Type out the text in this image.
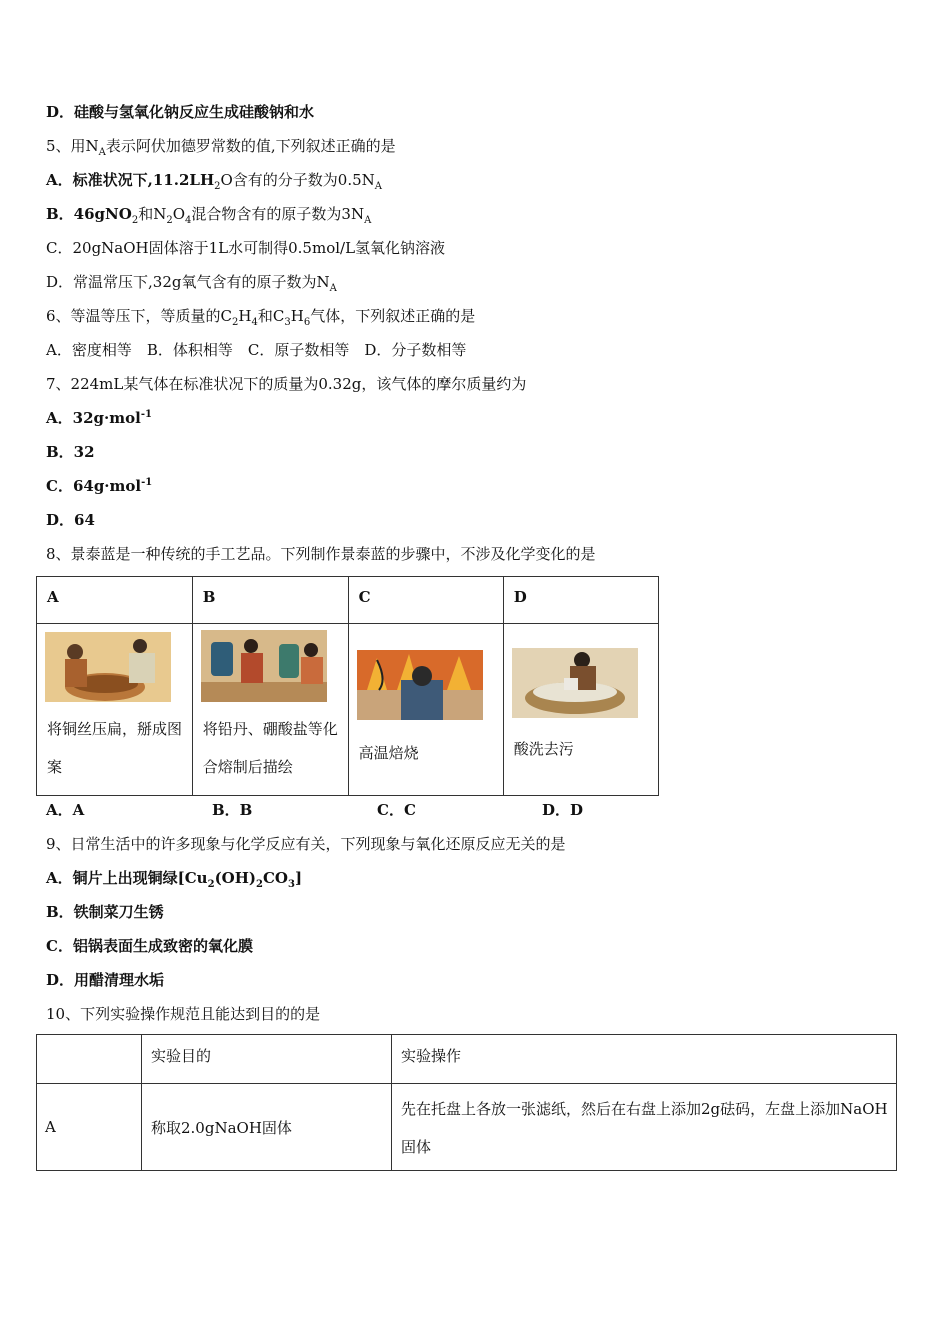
D．硅酸与氢氧化钠反应生成硅酸钠和水
5、用$N_A$表示阿伏加德罗常数的值,下列叙述正确的是
A．标准状况下$,11.2LH_2O$含有的分子数为$0.5N_A$
B．46gNO$_2$和$N_2O_4$混合物含有的原子数为$3N_A$
C．20gNaOH固体溶于1L水可制得0.5mol/L氢氧化钠溶液
D．常温常压下,32g氧气含有的原子数为$N_A$
6、等温等压下，等质量的$C_2H_4$和$C_3H_6$气体，下列叙述正确的是
A．密度相等　B．体积相等　C．原子数相等　D．分子数相等
7、224mL某气体在标准状况下的质量为0.32g，该气体的摩尔质量约为
A．32g·mol$^{-1}$
B．32
C．64g·mol$^{-1}$
D．64
8、景泰蓝是一种传统的手工艺品。下列制作景泰蓝的步骤中，不涉及化学变化的是
A	B	C	D

将铜丝压扁，掰成图案	将铅丹、硼酸盐等化合熔制后描绘	高温焙烧	酸洗去污
A．A	B．B	C．C	D．D
9、日常生活中的许多现象与化学反应有关，下列现象与氧化还原反应无关的是
A．铜片上出现铜绿$[Cu_2(OH)_2CO_3]$
B．铁制菜刀生锈
C．铝锅表面生成致密的氧化膜
D．用醋清理水垢
10、下列实验操作规范且能达到目的的是
	实验目的	实验操作
A	称取2.0gNaOH固体	先在托盘上各放一张滤纸，然后在右盘上添加2g砝码，左盘上添加NaOH固体
